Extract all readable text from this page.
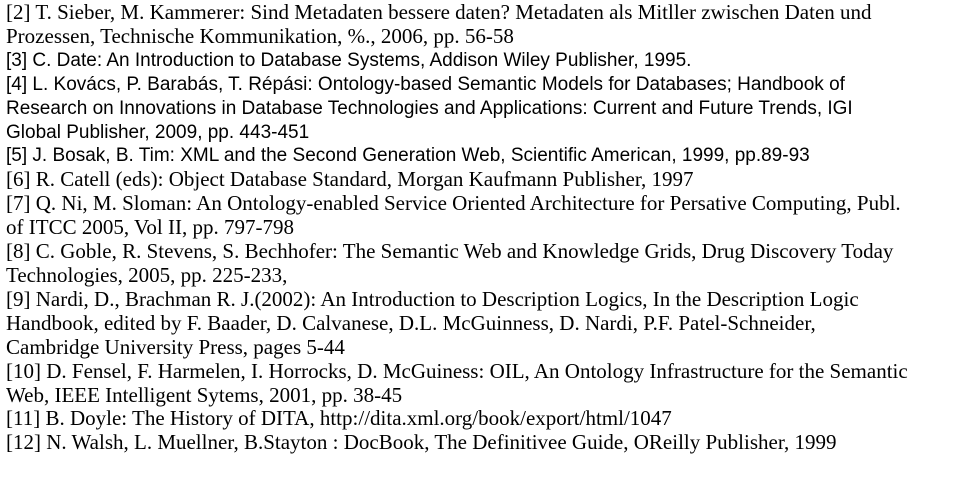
[2] T. Sieber, M. Kammerer: Sind Metadaten bessere daten? Metadaten als Mitller zwischen Daten und
Prozessen, Technische Kommunikation, %., 2006, pp. 56-58
[3] C. Date: An Introduction to Database Systems, Addison Wiley Publisher, 1995.
[4] L. Kovács, P. Barabás, T. Répási: Ontology-based Semantic Models for Databases; Handbook of
Research on Innovations in Database Technologies and Applications: Current and Future Trends, IGI
Global Publisher, 2009, pp. 443-451
[5] J. Bosak, B. Tim: XML and the Second Generation Web, Scientific American, 1999, pp.89-93
[6] R. Catell (eds): Object Database Standard, Morgan Kaufmann Publisher, 1997
[7] Q. Ni, M. Sloman: An Ontology-enabled Service Oriented Architecture for Persative Computing, Publ.
of ITCC 2005, Vol II, pp. 797-798
[8] C. Goble, R. Stevens, S. Bechhofer: The Semantic Web and Knowledge Grids, Drug Discovery Today
Technologies, 2005, pp. 225-233,
[9] Nardi, D., Brachman R. J.(2002): An Introduction to Description Logics, In the Description Logic
Handbook, edited by F. Baader, D. Calvanese, D.L. McGuinness, D. Nardi, P.F. Patel-Schneider,
Cambridge University Press, pages 5-44
[10] D. Fensel, F. Harmelen, I. Horrocks, D. McGuiness: OIL, An Ontology Infrastructure for the Semantic
Web, IEEE Intelligent Sytems, 2001, pp. 38-45
[11] B. Doyle: The History of DITA, http://dita.xml.org/book/export/html/1047
[12] N. Walsh, L. Muellner, B.Stayton : DocBook, The Definitivee Guide, OReilly Publisher, 1999
